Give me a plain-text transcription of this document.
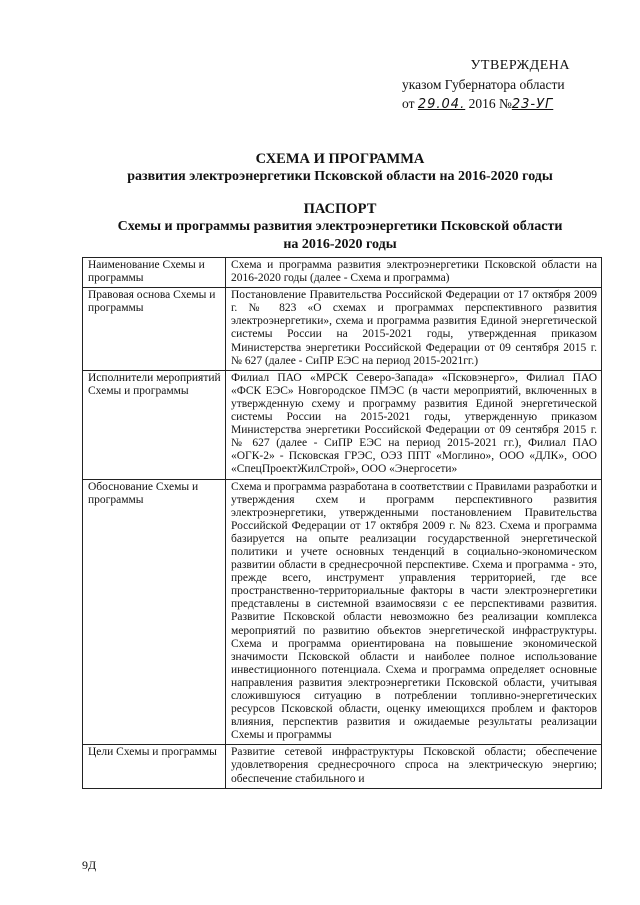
УТВЕРЖДЕНА
указом Губернатора области
от 29.04. 2016 №23-УГ
СХЕМА И ПРОГРАММА
развития электроэнергетики Псковской области на 2016-2020 годы
ПАСПОРТ
Схемы и программы развития электроэнергетики Псковской области
на 2016-2020 годы
Наименование Схемы и программы	Схема и программа развития электроэнергетики Псковской области на 2016-2020 годы (далее - Схема и программа)
Правовая основа Схемы и программы	Постановление Правительства Российской Федерации от 17 октября 2009 г. № 823 «О схемах и программах перспективного развития электроэнергетики», схема и программа развития Единой энергетической системы России на 2015-2021 годы, утвержденная приказом Министерства энергетики Российской Федерации от 09 сентября 2015 г. № 627 (далее - СиПР ЕЭС на период 2015-2021гг.)
Исполнители мероприятий Схемы и программы	Филиал ПАО «МРСК Северо-Запада» «Псковэнерго», Филиал ПАО «ФСК ЕЭС» Новгородское ПМЭС (в части мероприятий, включенных в утвержденную схему и программу развития Единой энергетической системы России на 2015-2021 годы, утвержденную приказом Министерства энергетики Российской Федерации от 09 сентября 2015 г. № 627 (далее - СиПР ЕЭС на период 2015-2021 гг.), Филиал ПАО «ОГК-2» - Псковская ГРЭС, ОЭЗ ППТ «Моглино», ООО «ДЛК», ООО «СпецПроектЖилСтрой», ООО «Энергосети»
Обоснование Схемы и программы	Схема и программа разработана в соответствии с Правилами разработки и утверждения схем и программ перспективного развития электроэнергетики, утвержденными постановлением Правительства Российской Федерации от 17 октября 2009 г. № 823. Схема и программа базируется на опыте реализации государственной энергетической политики и учете основных тенденций в социально-экономическом развитии области в среднесрочной перспективе. Схема и программа - это, прежде всего, инструмент управления территорией, где все пространственно-территориальные факторы в части электроэнергетики представлены в системной взаимосвязи с ее перспективами развития. Развитие Псковской области невозможно без реализации комплекса мероприятий по развитию объектов энергетической инфраструктуры. Схема и программа ориентирована на повышение экономической значимости Псковской области и наиболее полное использование инвестиционного потенциала. Схема и программа определяет основные направления развития электроэнергетики Псковской области, учитывая сложившуюся ситуацию в потреблении топливно-энергетических ресурсов Псковской области, оценку имеющихся проблем и факторов влияния, перспектив развития и ожидаемые результаты реализации Схемы и программы
Цели Схемы и программы	Развитие сетевой инфраструктуры Псковской области; обеспечение удовлетворения среднесрочного спроса на электрическую энергию; обеспечение стабильного и
9Д
